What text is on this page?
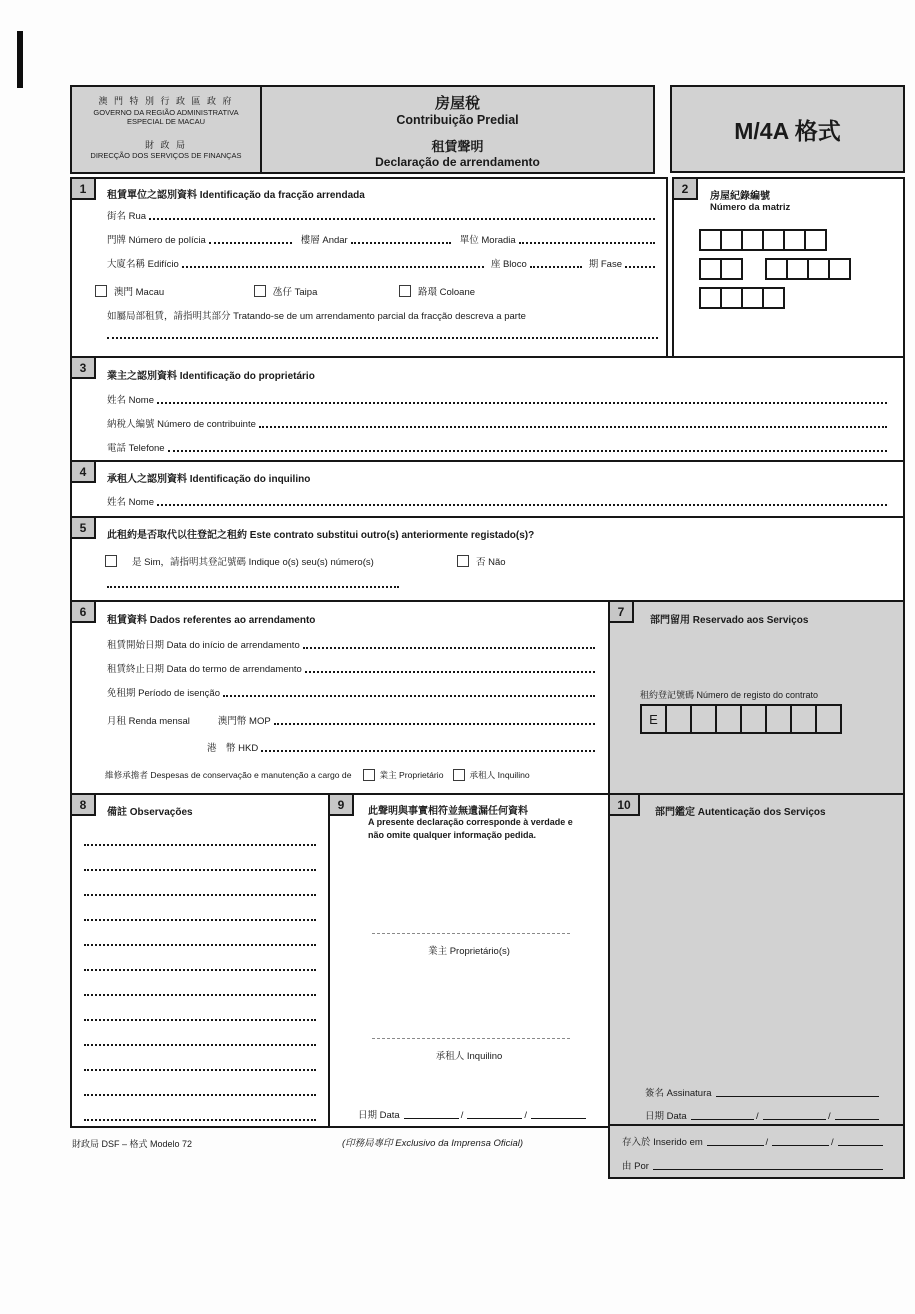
澳 門 特 別 行 政 區 政 府
GOVERNO DA REGIÃO ADMINISTRATIVA
ESPECIAL DE MACAU
財 政 局
DIRECÇÃO DOS SERVIÇOS DE FINANÇAS
房屋稅
Contribuição Predial
租賃聲明
Declaração de arrendamento
M/4A 格式
1	租賃單位之認別資料 Identificação da fracção arrendada
街名 Rua
門牌 Número de polícia	樓層 Andar	單位 Moradia
大廈名稱 Edifício	座 Bloco	期 Fase
澳門 Macau	氹仔 Taipa	路環 Coloane
如屬局部租賃，請指明其部分 Tratando-se de um arrendamento parcial da fracção descreva a parte
2
房屋紀錄編號
Número da matriz
3
業主之認別資料 Identificação do proprietário
姓名 Nome
納稅人編號 Número de contribuinte
電話 Telefone
4
承租人之認別資料 Identificação do inquilino
姓名 Nome
5
此租約是否取代以往登記之租約 Este contrato substitui outro(s) anteriormente registado(s)?
是 Sim，請指明其登記號碼 Indique o(s) seu(s) número(s)	否 Não
6
租賃資料 Dados referentes ao arrendamento
租賃開始日期 Data do início de arrendamento
租賃終止日期 Data do termo de arrendamento
免租期 Período de isenção
月租 Renda mensal	澳門幣 MOP
港　幣 HKD
維修承擔者 Despesas de conservação e manutenção a cargo de	業主 Proprietário	承租人 Inquilino
7
部門留用 Reservado aos Serviços
租約登記號碼 Número de registo do contrato
E
8
備註 Observações
9	此聲明與事實相符並無遺漏任何資料
A presente declaração corresponde à verdade e
não omite qualquer informação pedida.
業主 Proprietário(s)
承租人 Inquilino
日期 Data	/	/
10
部門鑑定 Autenticação dos Serviços
簽名 Assinatura
日期 Data	/	/
存入於 Inserido em	/	/
由 Por
財政局 DSF – 格式 Modelo 72	(印務局專印 Exclusivo da Imprensa Oficial)
